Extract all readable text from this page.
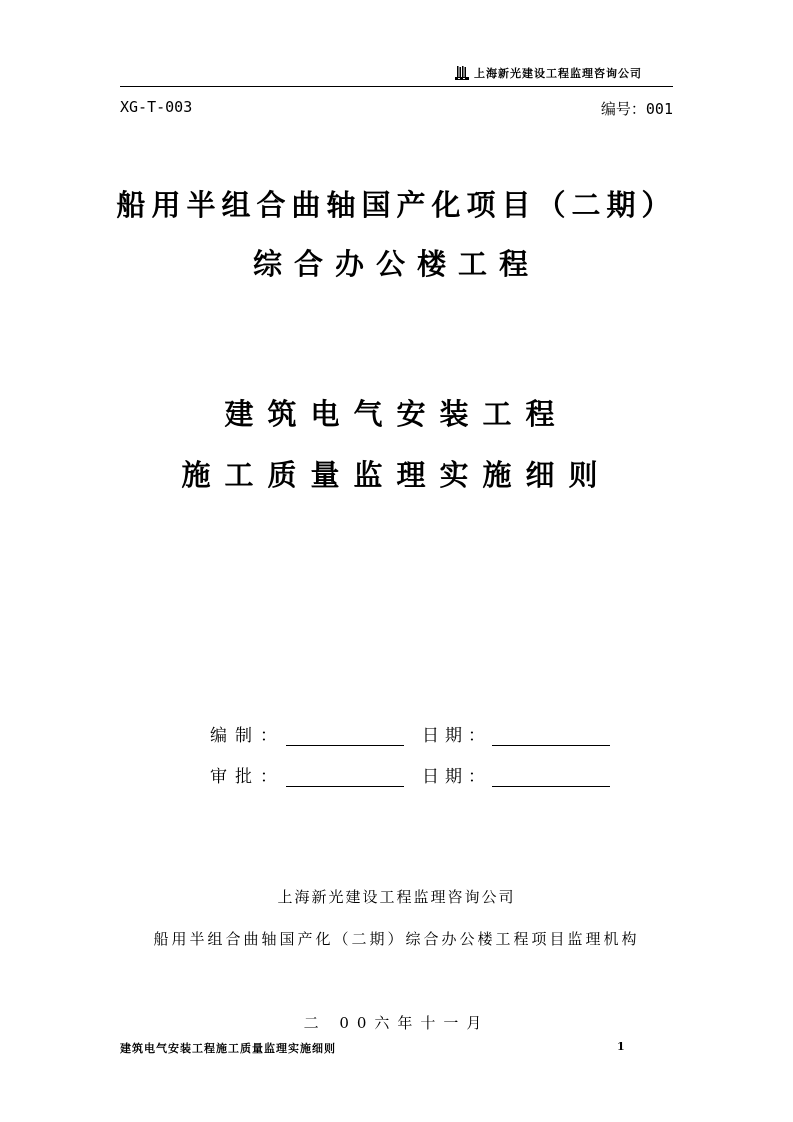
上海新光建设工程监理咨询公司
XG-T-003	编号：001
船用半组合曲轴国产化项目（二期）
综合办公楼工程
建筑电气安装工程
施工质量监理实施细则
编制：	日期：
审批：	日期：
上海新光建设工程监理咨询公司
船用半组合曲轴国产化（二期）综合办公楼工程项目监理机构
二 00六年十一月
建筑电气安装工程施工质量监理实施细则	1
